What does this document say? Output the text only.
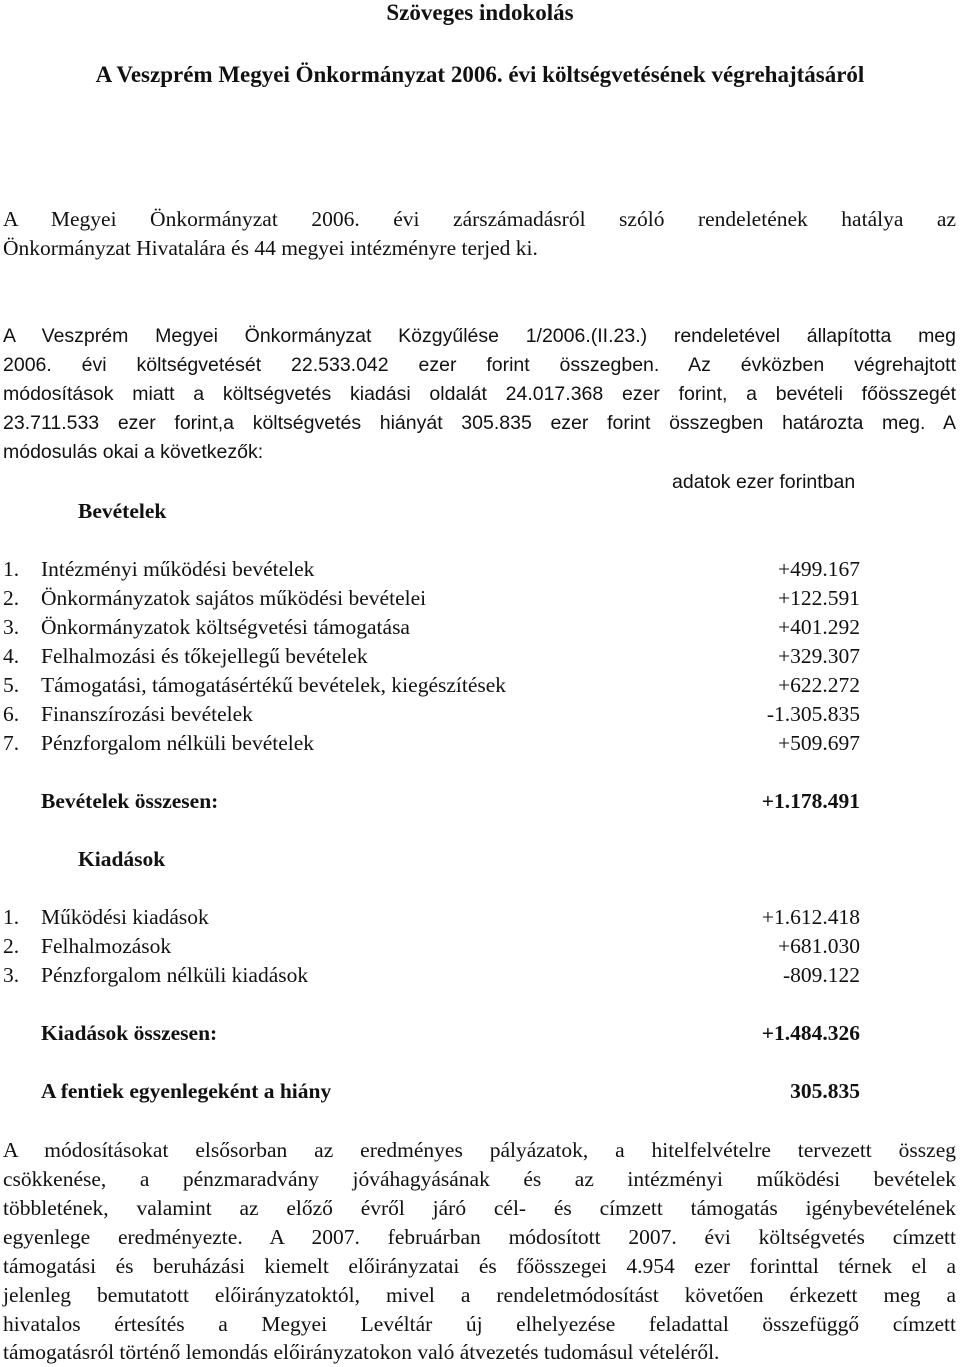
Szöveges indokolás
A Veszprém Megyei Önkormányzat 2006. évi költségvetésének végrehajtásáról
A Megyei Önkormányzat 2006. évi zárszámadásról szóló rendeletének hatálya az
Önkormányzat Hivatalára és 44 megyei intézményre terjed ki.
A Veszprém Megyei Önkormányzat Közgyűlése 1/2006.(II.23.) rendeletével állapította meg
2006. évi költségvetését 22.533.042 ezer forint összegben. Az évközben végrehajtott
módosítások miatt a költségvetés kiadási oldalát 24.017.368 ezer forint, a bevételi főösszegét
23.711.533 ezer forint,a költségvetés hiányát 305.835 ezer forint összegben határozta meg. A
módosulás okai a következők:
adatok ezer forintban
Bevételek
1. Intézményi működési bevételek	+499.167
2. Önkormányzatok sajátos működési bevételei	+122.591
3. Önkormányzatok költségvetési támogatása	+401.292
4. Felhalmozási és tőkejellegű bevételek	+329.307
5. Támogatási, támogatásértékű bevételek, kiegészítések	+622.272
6. Finanszírozási bevételek	-1.305.835
7. Pénzforgalom nélküli bevételek	+509.697
Bevételek összesen:	+1.178.491
Kiadások
1. Működési kiadások	+1.612.418
2. Felhalmozások	+681.030
3. Pénzforgalom nélküli kiadások	-809.122
Kiadások összesen:	+1.484.326
A fentiek egyenlegeként a hiány	305.835
A módosításokat elsősorban az eredményes pályázatok, a hitelfelvételre tervezett összeg
csökkenése, a pénzmaradvány jóváhagyásának és az intézményi működési bevételek
többletének, valamint az előző évről járó cél- és címzett támogatás igénybevételének
egyenlege eredményezte. A 2007. februárban módosított 2007. évi költségvetés címzett
támogatási és beruházási kiemelt előirányzatai és főösszegei 4.954 ezer forinttal térnek el a
jelenleg bemutatott előirányzatoktól, mivel a rendeletmódosítást követően érkezett meg a
hivatalos értesítés a Megyei Levéltár új elhelyezése feladattal összefüggő címzett
támogatásról történő lemondás előirányzatokon való átvezetés tudomásul vételéről.
